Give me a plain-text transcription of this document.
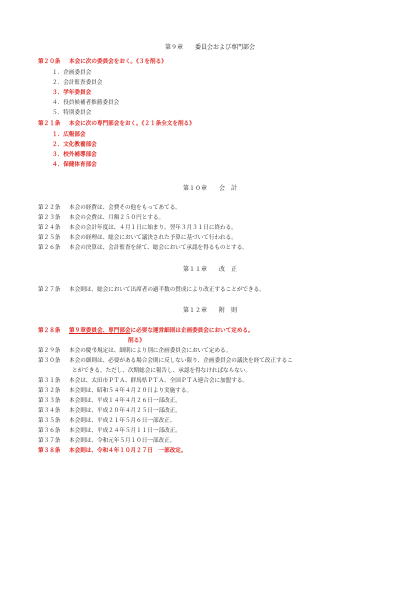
第９章　　委員会および専門部会
第２０条 本会に次の委員会をおく。《３を削る》
１．企画委員会
２．会計監査委員会
３．学年委員会
４．役員候補者推薦委員会
５．特別委員会
第２１条 本会に次の専門部会をおく。《２１条全文を削る》
１．広報部会
２．文化教養部会
３．校外補導部会
４．保健体育部会
第１０章　　会　計
第２２条 本会の経費は、会費その他をもってあてる。
第２３条 本会の会費は、月額２５０円とする。
第２４条 本会の会計年度は、４月１日に始まり、翌年３月３１日に終わる。
第２５条 本会の経理は、総会において議決された予算に基づいて行われる。
第２６条 本会の決算は、会計監査を経て、総会において承認を得るものとする。
第１１章　　改　正
第２７条 本会則は、総会において出席者の過半数の賛成により改正することができる。
第１２章　　附　則
第２８条 第９章委員会、専門部会に必要な運営細則は企画委員会において定める。
削る》
第２９条 本会の慶弔規定は、細則により別に企画委員会において定める。
第３０条 本会の細則は、必要がある場合会則に反しない限り、企画委員会の議決を経て改正するこ
とができる。ただし、次期総会に報告し、承認を得なければならない。
第３１条 本会は、太田市ＰＴＡ、群馬県ＰＴＡ、全国ＰＴＡ連合会に加盟する。
第３２条 本会則は、昭和５４年４月２０日より実施する。
第３３条 本会則は、平成１４年４月２６日一部改正。
第３４条 本会則は、平成２０年４月２５日一部改正。
第３５条 本会則は、平成２１年５月６日一部改正。
第３６条 本会則は、平成２４年５月１１日一部改正。
第３７条 本会則は、令和元年５月１０日一部改正。
第３８条 本会則は、令和４年１０月２７日　一部改定。
